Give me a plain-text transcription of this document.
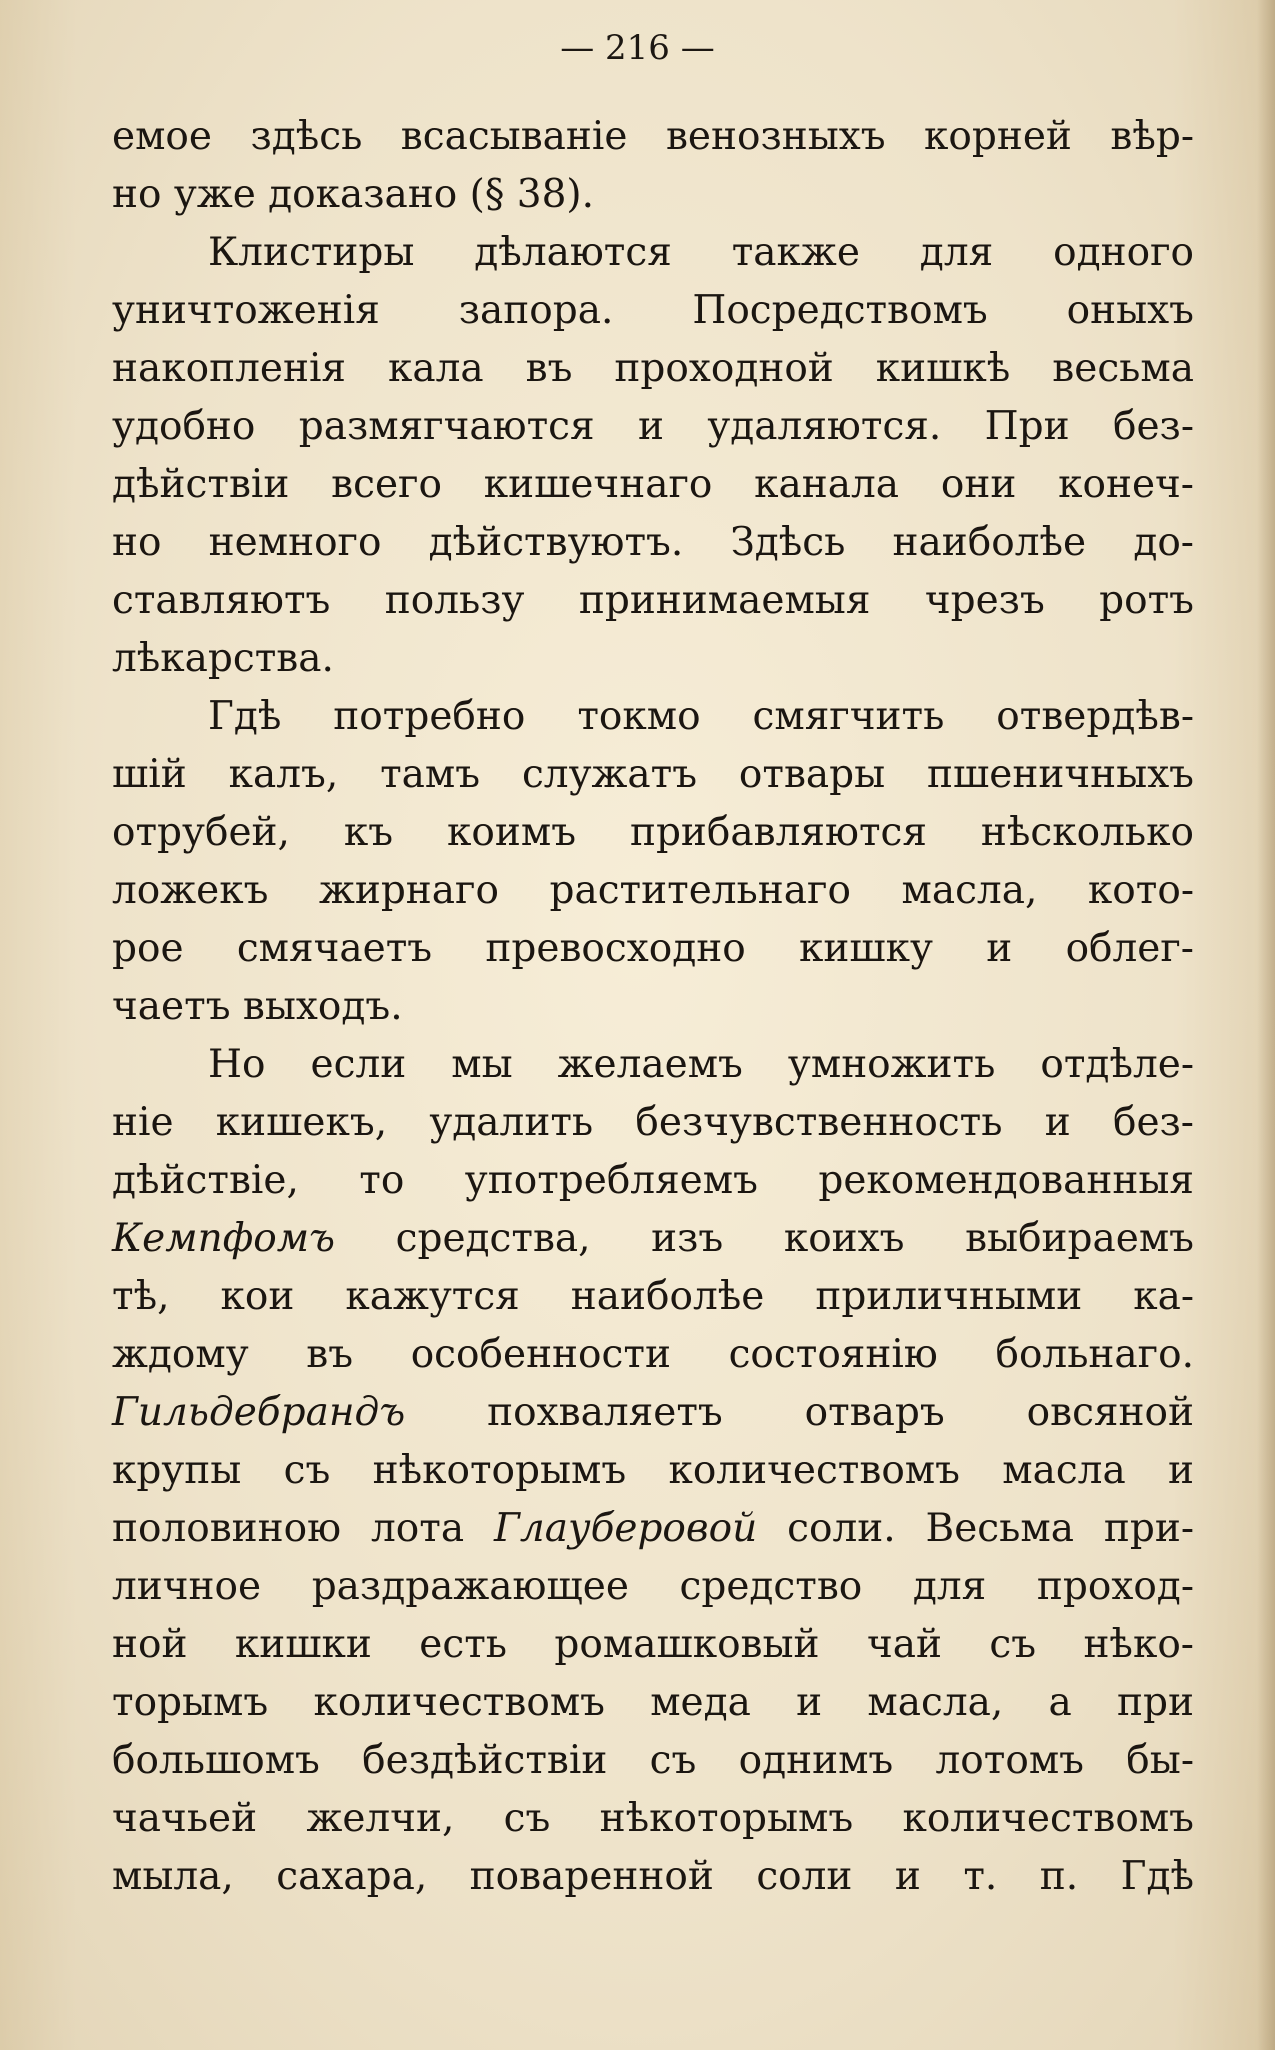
— 216 —
емое здѣсь всасыванiе венозныхъ корней вѣр-
но уже доказано (§ 38).
Клистиры дѣлаются также для одного
уничтоженiя запора. Посредствомъ оныхъ
накопленiя кала въ проходной кишкѣ весьма
удобно размягчаются и удаляются. При без-
дѣйствiи всего кишечнаго канала они конеч-
но немного дѣйствуютъ. Здѣсь наиболѣе до-
ставляютъ пользу принимаемыя чрезъ ротъ
лѣкарства.
Гдѣ потребно токмо смягчить отвердѣв-
шiй калъ, тамъ служатъ отвары пшеничныхъ
отрубей, къ коимъ прибавляются нѣсколько
ложекъ жирнаго растительнаго масла, кото-
рое смячаетъ превосходно кишку и облег-
чаетъ выходъ.
Но если мы желаемъ умножить отдѣле-
нiе кишекъ, удалить безчувственность и без-
дѣйствiе, то употребляемъ рекомендованныя
Кемпфомъ средства, изъ коихъ выбираемъ
тѣ, кои кажутся наиболѣе приличными ка-
ждому въ особенности состоянiю больнаго.
Гильдебрандъ похваляетъ отваръ овсяной
крупы съ нѣкоторымъ количествомъ масла и
половиною лота Глауберовой соли. Весьма при-
личное раздражающее средство для проход-
ной кишки есть ромашковый чай съ нѣко-
торымъ количествомъ меда и масла, а при
большомъ бездѣйствiи съ однимъ лотомъ бы-
чачьей желчи, съ нѣкоторымъ количествомъ
мыла, сахара, поваренной соли и т. п. Гдѣ
